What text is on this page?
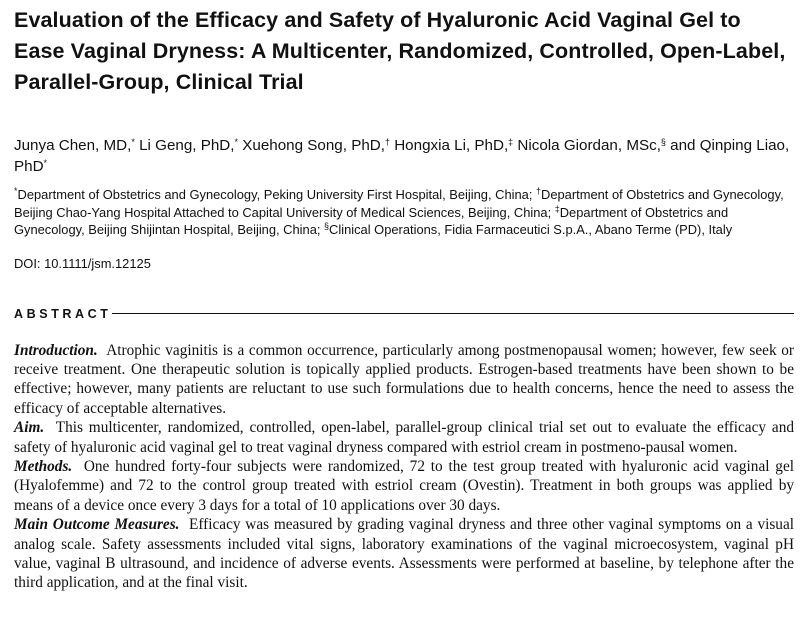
Evaluation of the Efficacy and Safety of Hyaluronic Acid Vaginal Gel to Ease Vaginal Dryness: A Multicenter, Randomized, Controlled, Open-Label, Parallel-Group, Clinical Trial

Junya Chen, MD,* Li Geng, PhD,* Xuehong Song, PhD,† Hongxia Li, PhD,‡ Nicola Giordan, MSc,§ and Qinping Liao, PhD*

*Department of Obstetrics and Gynecology, Peking University First Hospital, Beijing, China; †Department of Obstetrics and Gynecology, Beijing Chao-Yang Hospital Attached to Capital University of Medical Sciences, Beijing, China; ‡Department of Obstetrics and Gynecology, Beijing Shijintan Hospital, Beijing, China; §Clinical Operations, Fidia Farmaceutici S.p.A., Abano Terme (PD), Italy

DOI: 10.1111/jsm.12125

ABSTRACT

Introduction. Atrophic vaginitis is a common occurrence, particularly among postmenopausal women; however, few seek or receive treatment. One therapeutic solution is topically applied products. Estrogen-based treatments have been shown to be effective; however, many patients are reluctant to use such formulations due to health concerns, hence the need to assess the efficacy of acceptable alternatives.

Aim. This multicenter, randomized, controlled, open-label, parallel-group clinical trial set out to evaluate the efficacy and safety of hyaluronic acid vaginal gel to treat vaginal dryness compared with estriol cream in postmeno-pausal women.

Methods. One hundred forty-four subjects were randomized, 72 to the test group treated with hyaluronic acid vaginal gel (Hyalofemme) and 72 to the control group treated with estriol cream (Ovestin). Treatment in both groups was applied by means of a device once every 3 days for a total of 10 applications over 30 days.

Main Outcome Measures. Efficacy was measured by grading vaginal dryness and three other vaginal symptoms on a visual analog scale. Safety assessments included vital signs, laboratory examinations of the vaginal microecosystem, vaginal pH value, vaginal B ultrasound, and incidence of adverse events. Assessments were performed at baseline, by telephone after the third application, and at the final visit.
